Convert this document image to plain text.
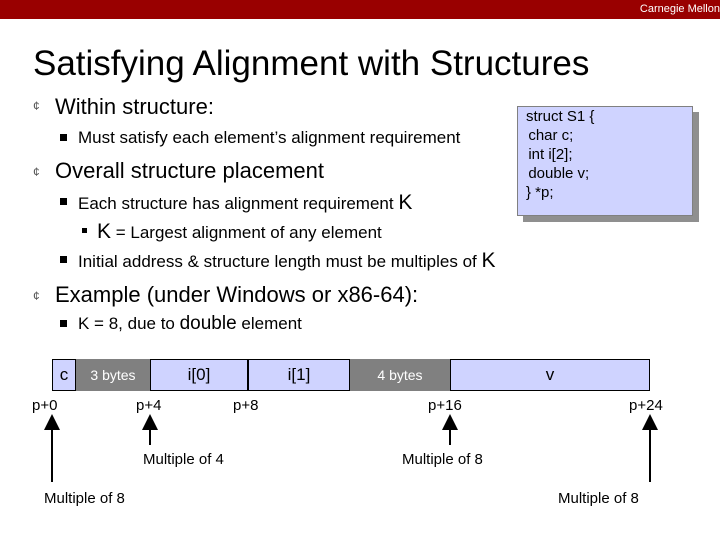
Carnegie Mellon
Satisfying Alignment with Structures
¢ Within structure:
Must satisfy each element’s alignment requirement
¢ Overall structure placement
Each structure has alignment requirement K
K = Largest alignment of any element
Initial address & structure length must be multiples of K
¢ Example (under Windows or x86-64):
K = 8, due to double element
struct S1 {
char c;
int i[2];
double v;
} *p;
c	3 bytes	i[0]	i[1]	4 bytes	v
p+0	p+4	p+8	p+16	p+24
Multiple of 4	Multiple of 8
Multiple of 8	Multiple of 8
